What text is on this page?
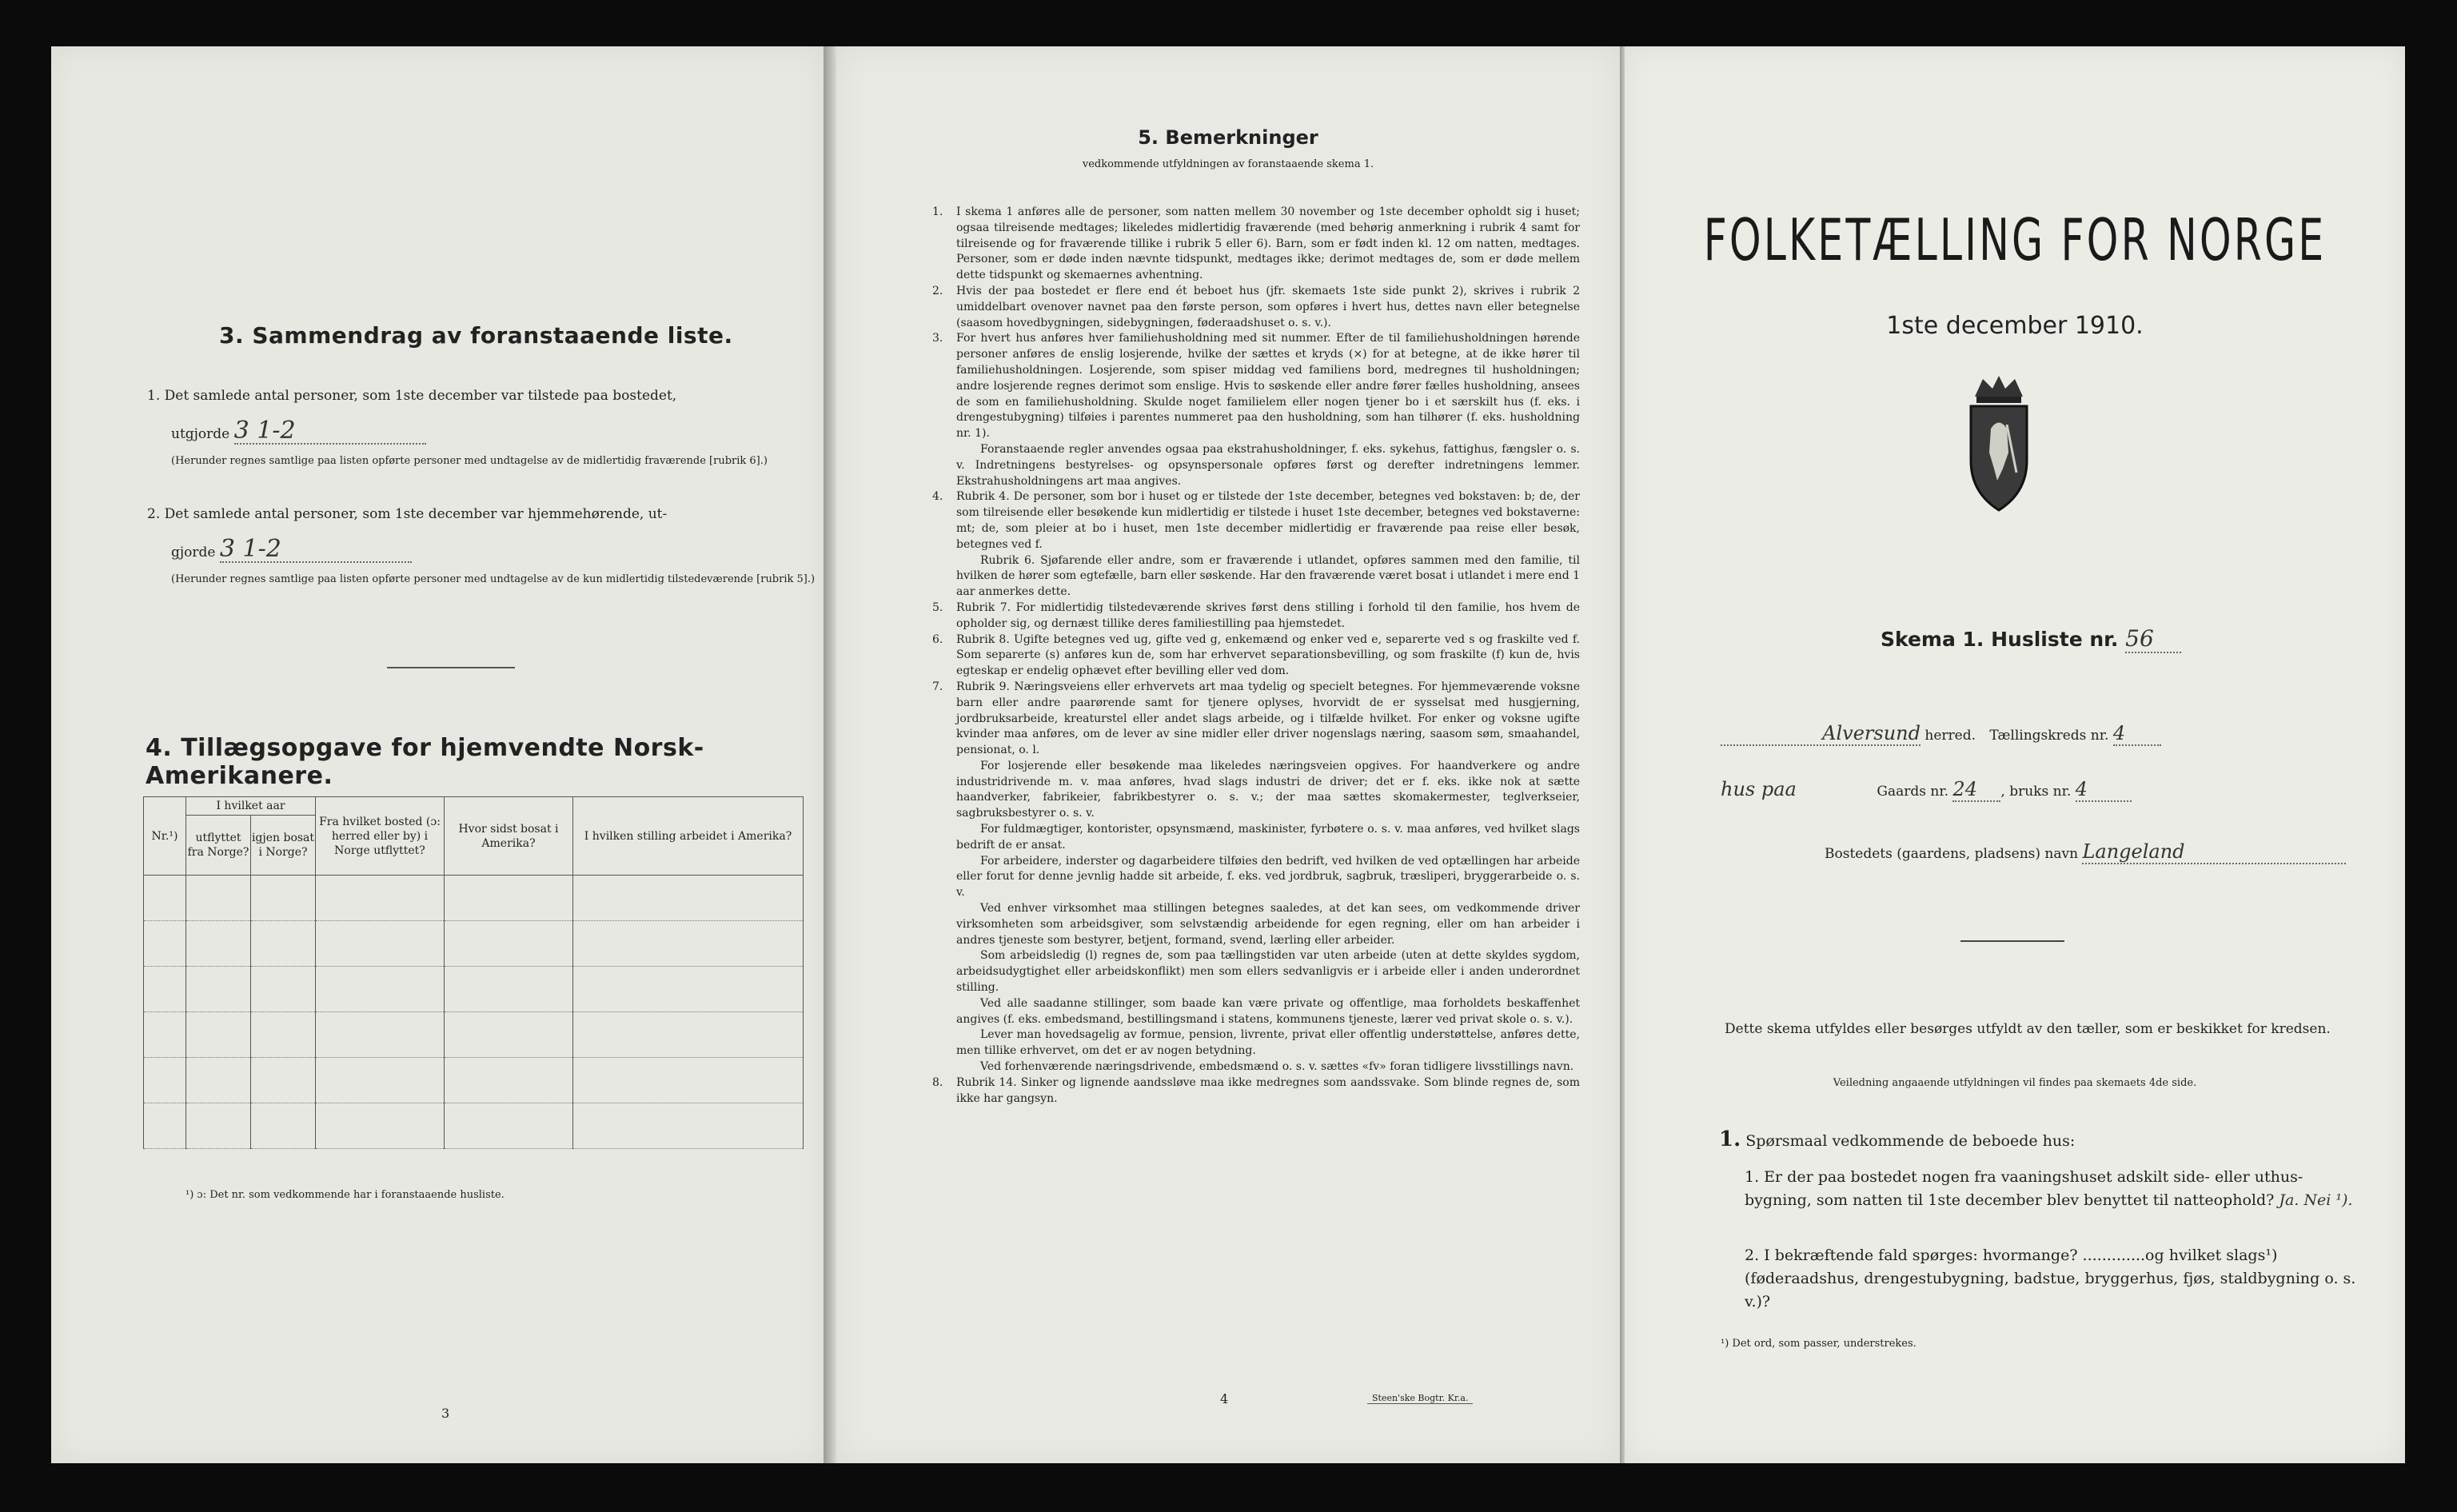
3. Sammendrag av foranstaaende liste.
1. Det samlede antal personer, som 1ste december var tilstede paa bostedet,
utgjorde 3 1-2
(Herunder regnes samtlige paa listen opførte personer med undtagelse av de midlertidig fraværende [rubrik 6].)
2. Det samlede antal personer, som 1ste december var hjemmehørende, ut-
gjorde 3 1-2
(Herunder regnes samtlige paa listen opførte personer med undtagelse av de kun midlertidig tilstedeværende [rubrik 5].)
4. Tillægsopgave for hjemvendte Norsk-Amerikanere.
Nr.¹)	I hvilket aar		Fra hvilket bosted (ɔ: herred eller by) i Norge utflyttet?	Hvor sidst bosat i Amerika?	I hvilken stilling arbeidet i Amerika?
	utflyttet fra Norge?	igjen bosat i Norge?			

¹) ɔ: Det nr. som vedkommende har i foranstaaende husliste.
3
5. Bemerkninger
vedkommende utfyldningen av foranstaaende skema 1.
1.	I skema 1 anføres alle de personer, som natten mellem 30 november og 1ste december opholdt sig i huset; ogsaa tilreisende medtages; likeledes midlertidig fraværende (med behørig anmerkning i rubrik 4 samt for tilreisende og for fraværende tillike i rubrik 5 eller 6). Barn, som er født inden kl. 12 om natten, medtages. Personer, som er døde inden nævnte tidspunkt, medtages ikke; derimot medtages de, som er døde mellem dette tidspunkt og skemaernes avhentning.
2.	Hvis der paa bostedet er flere end ét beboet hus (jfr. skemaets 1ste side punkt 2), skrives i rubrik 2 umiddelbart ovenover navnet paa den første person, som opføres i hvert hus, dettes navn eller betegnelse (saasom hovedbygningen, sidebygningen, føderaadshuset o. s. v.).
3.	For hvert hus anføres hver familiehusholdning med sit nummer. Efter de til familiehusholdningen hørende personer anføres de enslig losjerende, hvilke der sættes et kryds (×) for at betegne, at de ikke hører til familiehusholdningen. Losjerende, som spiser middag ved familiens bord, medregnes til husholdningen; andre losjerende regnes derimot som enslige. Hvis to søskende eller andre fører fælles husholdning, ansees de som en familiehusholdning. Skulde noget familielem eller nogen tjener bo i et særskilt hus (f. eks. i drengestubygning) tilføies i parentes nummeret paa den husholdning, som han tilhører (f. eks. husholdning nr. 1).
Foranstaaende regler anvendes ogsaa paa ekstrahusholdninger, f. eks. sykehus, fattighus, fængsler o. s. v. Indretningens bestyrelses- og opsynspersonale opføres først og derefter indretningens lemmer. Ekstrahusholdningens art maa angives.
4.	Rubrik 4. De personer, som bor i huset og er tilstede der 1ste december, betegnes ved bokstaven: b; de, der som tilreisende eller besøkende kun midlertidig er tilstede i huset 1ste december, betegnes ved bokstaverne: mt; de, som pleier at bo i huset, men 1ste december midlertidig er fraværende paa reise eller besøk, betegnes ved f.
Rubrik 6. Sjøfarende eller andre, som er fraværende i utlandet, opføres sammen med den familie, til hvilken de hører som egtefælle, barn eller søskende. Har den fraværende været bosat i utlandet i mere end 1 aar anmerkes dette.
5.	Rubrik 7. For midlertidig tilstedeværende skrives først dens stilling i forhold til den familie, hos hvem de opholder sig, og dernæst tillike deres familiestilling paa hjemstedet.
6.	Rubrik 8. Ugifte betegnes ved ug, gifte ved g, enkemænd og enker ved e, separerte ved s og fraskilte ved f. Som separerte (s) anføres kun de, som har erhvervet separationsbevilling, og som fraskilte (f) kun de, hvis egteskap er endelig ophævet efter bevilling eller ved dom.
7.	Rubrik 9. Næringsveiens eller erhvervets art maa tydelig og specielt betegnes. For hjemmeværende voksne barn eller andre paarørende samt for tjenere oplyses, hvorvidt de er sysselsat med husgjerning, jordbruksarbeide, kreaturstel eller andet slags arbeide, og i tilfælde hvilket. For enker og voksne ugifte kvinder maa anføres, om de lever av sine midler eller driver nogenslags næring, saasom søm, smaahandel, pensionat, o. l.
For losjerende eller besøkende maa likeledes næringsveien opgives. For haandverkere og andre industridrivende m. v. maa anføres, hvad slags industri de driver; det er f. eks. ikke nok at sætte haandverker, fabrikeier, fabrikbestyrer o. s. v.; der maa sættes skomakermester, teglverkseier, sagbruksbestyrer o. s. v.
For fuldmægtiger, kontorister, opsynsmænd, maskinister, fyrbøtere o. s. v. maa anføres, ved hvilket slags bedrift de er ansat.
For arbeidere, inderster og dagarbeidere tilføies den bedrift, ved hvilken de ved optællingen har arbeide eller forut for denne jevnlig hadde sit arbeide, f. eks. ved jordbruk, sagbruk, træsliperi, bryggerarbeide o. s. v.
Ved enhver virksomhet maa stillingen betegnes saaledes, at det kan sees, om vedkommende driver virksomheten som arbeidsgiver, som selvstændig arbeidende for egen regning, eller om han arbeider i andres tjeneste som bestyrer, betjent, formand, svend, lærling eller arbeider.
Som arbeidsledig (l) regnes de, som paa tællingstiden var uten arbeide (uten at dette skyldes sygdom, arbeidsudygtighet eller arbeidskonflikt) men som ellers sedvanligvis er i arbeide eller i anden underordnet stilling.
Ved alle saadanne stillinger, som baade kan være private og offentlige, maa forholdets beskaffenhet angives (f. eks. embedsmand, bestillingsmand i statens, kommunens tjeneste, lærer ved privat skole o. s. v.).
Lever man hovedsagelig av formue, pension, livrente, privat eller offentlig understøttelse, anføres dette, men tillike erhvervet, om det er av nogen betydning.
Ved forhenværende næringsdrivende, embedsmænd o. s. v. sættes «fv» foran tidligere livsstillings navn.
8.	Rubrik 14. Sinker og lignende aandssløve maa ikke medregnes som aandssvake. Som blinde regnes de, som ikke har gangsyn.
4	Steen'ske Bogtr. Kr.a.
FOLKETÆLLING FOR NORGE
1ste december 1910.
Skema 1. Husliste nr. 56
Alversund herred. Tællingskreds nr. 4
hus paa	Gaards nr. 24 , bruks nr. 4
Bostedets (gaardens, pladsens) navn Langeland
Dette skema utfyldes eller besørges utfyldt av den tæller, som er beskikket for kredsen.
Veiledning angaaende utfyldningen vil findes paa skemaets 4de side.
1. Spørsmaal vedkommende de beboede hus:
1. Er der paa bostedet nogen fra vaaningshuset adskilt side- eller uthus-bygning, som natten til 1ste december blev benyttet til natteophold? Ja. Nei ¹).
2. I bekræftende fald spørges: hvormange? .............og hvilket slags¹) (føderaadshus, drengestubygning, badstue, bryggerhus, fjøs, staldbygning o. s. v.)?
¹) Det ord, som passer, understrekes.
